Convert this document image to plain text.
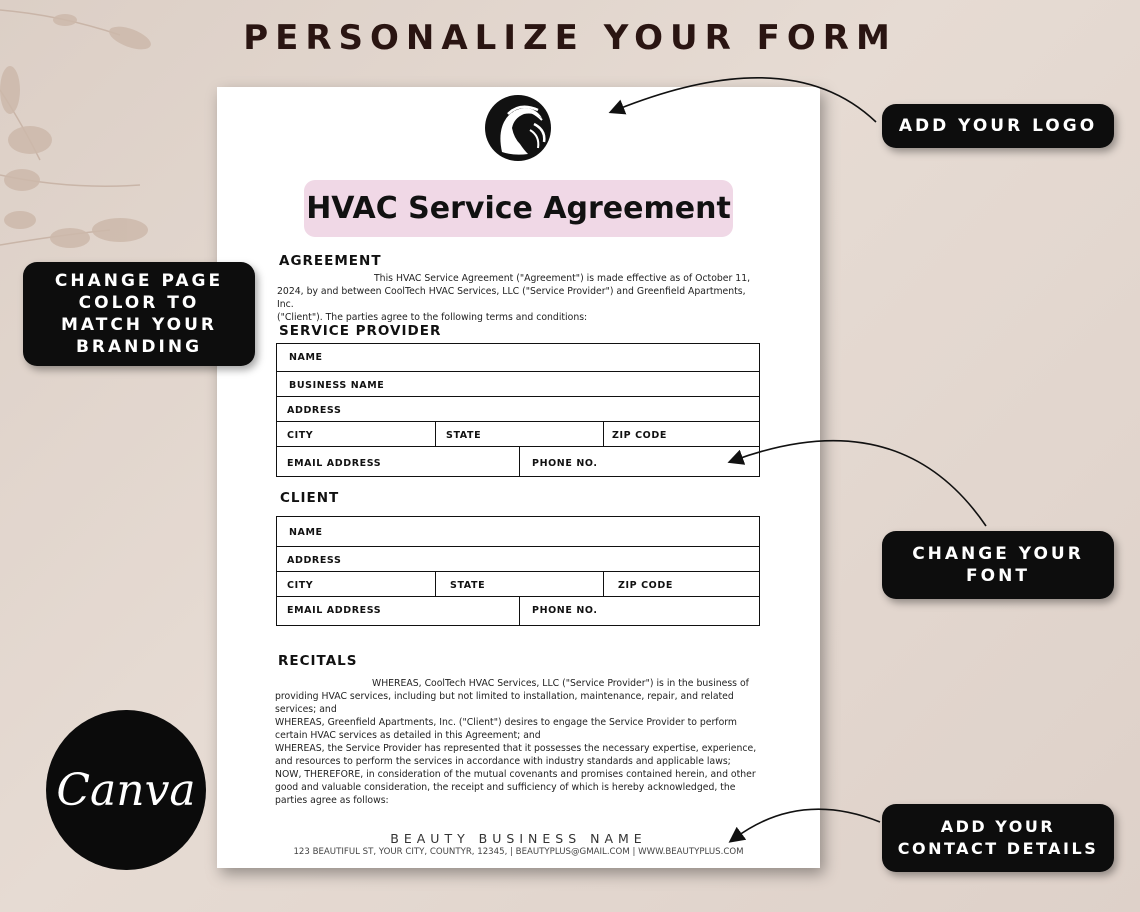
PERSONALIZE YOUR FORM
HVAC Service Agreement
AGREEMENT

This HVAC Service Agreement ("Agreement") is made effective as of October 11,

2024, by and between CoolTech HVAC Services, LLC ("Service Provider") and Greenfield Apartments, Inc.

("Client"). The parties agree to the following terms and conditions:

SERVICE PROVIDER
NAME
BUSINESS NAME
ADDRESS
CITY	STATE	ZIP CODE
EMAIL ADDRESS	PHONE NO.
CLIENT
NAME
ADDRESS
CITY	STATE	ZIP CODE
EMAIL ADDRESS	PHONE NO.
RECITALS

WHEREAS, CoolTech HVAC Services, LLC ("Service Provider") is in the business of

providing HVAC services, including but not limited to installation, maintenance, repair, and related

services; and

WHEREAS, Greenfield Apartments, Inc. ("Client") desires to engage the Service Provider to perform

certain HVAC services as detailed in this Agreement; and

WHEREAS, the Service Provider has represented that it possesses the necessary expertise, experience,

and resources to perform the services in accordance with industry standards and applicable laws;

NOW, THEREFORE, in consideration of the mutual covenants and promises contained herein, and other

good and valuable consideration, the receipt and sufficiency of which is hereby acknowledged, the

parties agree as follows:

BEAUTY BUSINESS NAME
123 BEAUTIFUL ST, YOUR CITY, COUNTYR, 12345, | BEAUTYPLUS@GMAIL.COM | WWW.BEAUTYPLUS.COM
ADD YOUR LOGO
CHANGE PAGE
COLOR TO
MATCH YOUR
BRANDING
CHANGE YOUR
FONT
ADD YOUR
CONTACT DETAILS
Canva
